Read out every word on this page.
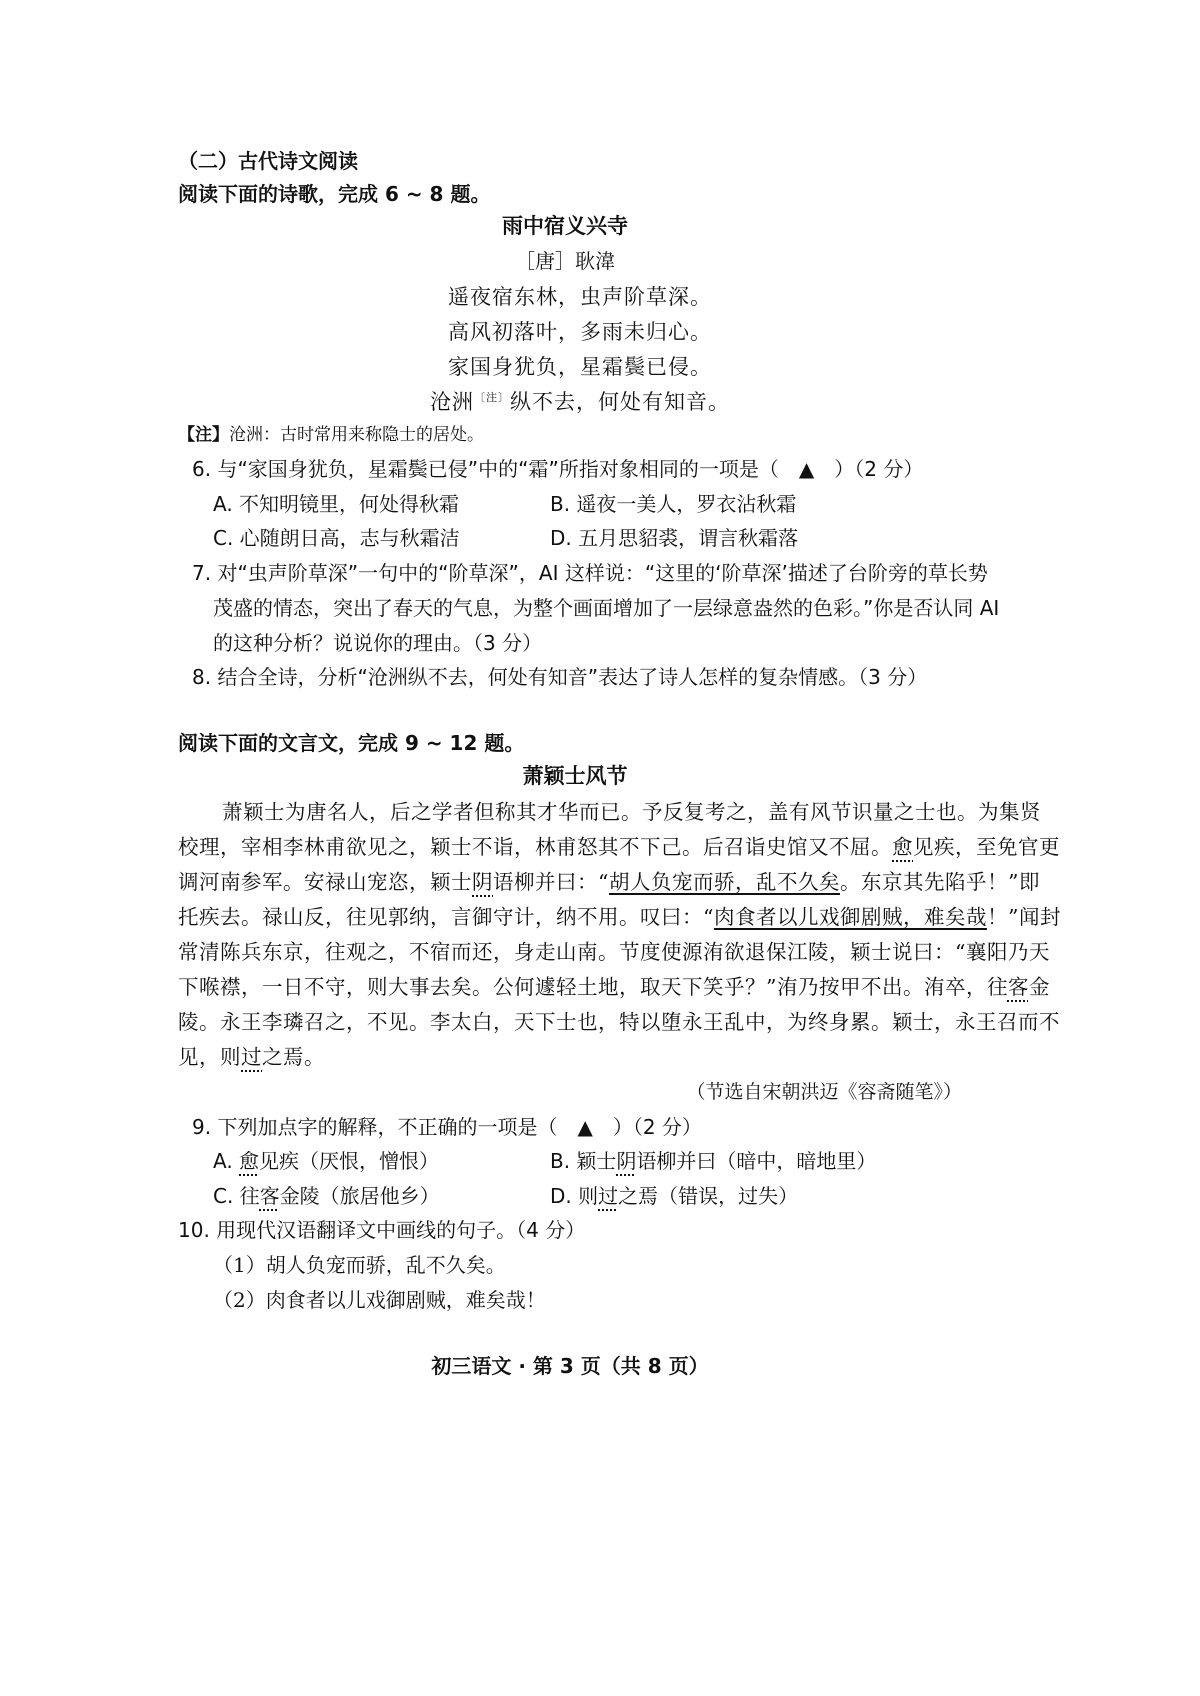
（二）古代诗文阅读
阅读下面的诗歌，完成 6 ~ 8 题。
雨中宿义兴寺
［唐］耿湋
遥夜宿东林，虫声阶草深。
高风初落叶，多雨未归心。
家国身犹负，星霜鬓已侵。
沧洲$^{〔注〕}$纵不去，何处有知音。
【注】沧洲：古时常用来称隐士的居处。
6. 与“家国身犹负，星霜鬓已侵”中的“霜”所指对象相同的一项是（　▲　）（2 分）
A. 不知明镜里，何处得秋霜	B. 遥夜一美人，罗衣沾秋霜
C. 心随朗日高，志与秋霜洁	D. 五月思貂裘，谓言秋霜落
7. 对“虫声阶草深”一句中的“阶草深”，AI 这样说：“这里的‘阶草深’描述了台阶旁的草长势
茂盛的情态，突出了春天的气息，为整个画面增加了一层绿意盎然的色彩。”你是否认同 AI
的这种分析？说说你的理由。（3 分）
8. 结合全诗，分析“沧洲纵不去，何处有知音”表达了诗人怎样的复杂情感。（3 分）
阅读下面的文言文，完成 9 ~ 12 题。
萧颖士风节
萧颖士为唐名人，后之学者但称其才华而已。予反复考之，盖有风节识量之士也。为集贤
校理，宰相李林甫欲见之，颖士不诣，林甫怒其不下己。后召诣史馆又不屈。愈见疾，至免官更
调河南参军。安禄山宠恣，颖士阴语柳并曰：“胡人负宠而骄，乱不久矣。东京其先陷乎！”即
托疾去。禄山反，往见郭纳，言御守计，纳不用。叹曰：“肉食者以儿戏御剧贼，难矣哉！”闻封
常清陈兵东京，往观之，不宿而还，身走山南。节度使源洧欲退保江陵，颖士说曰：“襄阳乃天
下喉襟，一日不守，则大事去矣。公何遽轻土地，取天下笑乎？”洧乃按甲不出。洧卒，往客金
陵。永王李璘召之，不见。李太白，天下士也，特以堕永王乱中，为终身累。颖士，永王召而不
见，则过之焉。
（节选自宋朝洪迈《容斋随笔》）
9. 下列加点字的解释，不正确的一项是（　▲　）（2 分）
A. 愈见疾（厌恨，憎恨）	B. 颖士阴语柳并曰（暗中，暗地里）
C. 往客金陵（旅居他乡）	D. 则过之焉（错误，过失）
10. 用现代汉语翻译文中画线的句子。（4 分）
（1）胡人负宠而骄，乱不久矣。
（2）肉食者以儿戏御剧贼，难矣哉！
初三语文 · 第 3 页（共 8 页）
